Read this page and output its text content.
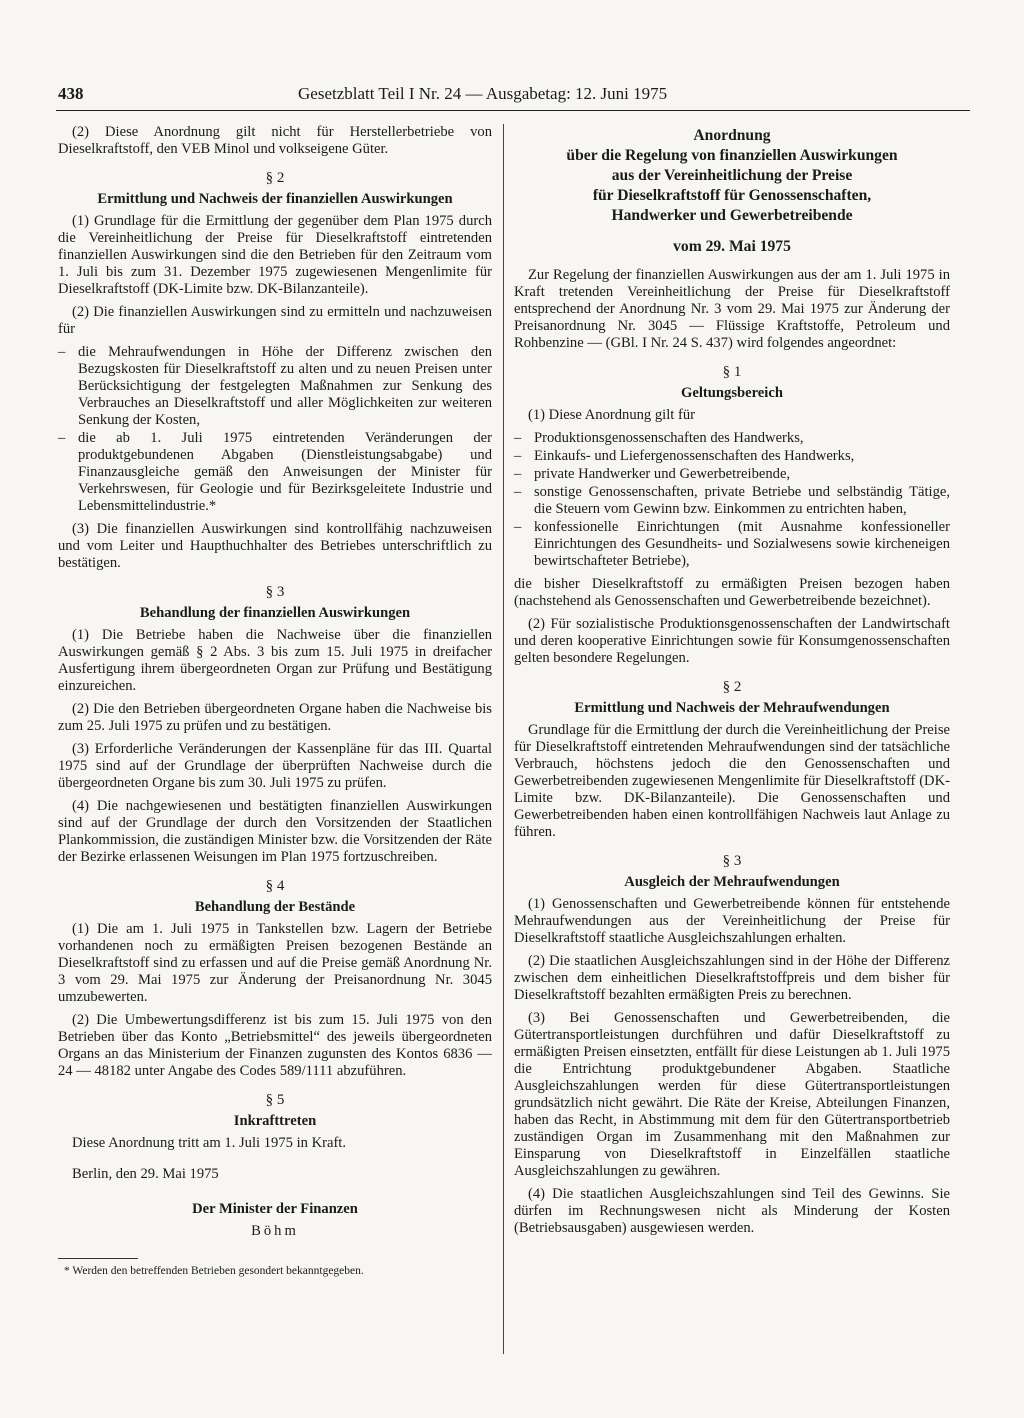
438	Gesetzblatt Teil I Nr. 24 — Ausgabetag: 12. Juni 1975

(2) Diese Anordnung gilt nicht für Herstellerbetriebe von Dieselkraftstoff, den VEB Minol und volkseigene Güter.

§ 2
Ermittlung und Nachweis der finanziellen Auswirkungen

(1) Grundlage für die Ermittlung der gegenüber dem Plan 1975 durch die Vereinheitlichung der Preise für Dieselkraftstoff eintretenden finanziellen Auswirkungen sind die den Betrieben für den Zeitraum vom 1. Juli bis zum 31. Dezember 1975 zugewiesenen Mengenlimite für Dieselkraftstoff (DK-Limite bzw. DK-Bilanzanteile).

(2) Die finanziellen Auswirkungen sind zu ermitteln und nachzuweisen für

– die Mehraufwendungen in Höhe der Differenz zwischen den Bezugskosten für Dieselkraftstoff zu alten und zu neuen Preisen unter Berücksichtigung der festgelegten Maßnahmen zur Senkung des Verbrauches an Dieselkraftstoff und aller Möglichkeiten zur weiteren Senkung der Kosten,
– die ab 1. Juli 1975 eintretenden Veränderungen der produktgebundenen Abgaben (Dienstleistungsabgabe) und Finanzausgleiche gemäß den Anweisungen der Minister für Verkehrswesen, für Geologie und für Bezirksgeleitete Industrie und Lebensmittelindustrie.*

(3) Die finanziellen Auswirkungen sind kontrollfähig nachzuweisen und vom Leiter und Haupthuchhalter des Betriebes unterschriftlich zu bestätigen.

§ 3
Behandlung der finanziellen Auswirkungen

(1) Die Betriebe haben die Nachweise über die finanziellen Auswirkungen gemäß § 2 Abs. 3 bis zum 15. Juli 1975 in dreifacher Ausfertigung ihrem übergeordneten Organ zur Prüfung und Bestätigung einzureichen.

(2) Die den Betrieben übergeordneten Organe haben die Nachweise bis zum 25. Juli 1975 zu prüfen und zu bestätigen.

(3) Erforderliche Veränderungen der Kassenpläne für das III. Quartal 1975 sind auf der Grundlage der überprüften Nachweise durch die übergeordneten Organe bis zum 30. Juli 1975 zu prüfen.

(4) Die nachgewiesenen und bestätigten finanziellen Auswirkungen sind auf der Grundlage der durch den Vorsitzenden der Staatlichen Plankommission, die zuständigen Minister bzw. die Vorsitzenden der Räte der Bezirke erlassenen Weisungen im Plan 1975 fortzuschreiben.

§ 4
Behandlung der Bestände

(1) Die am 1. Juli 1975 in Tankstellen bzw. Lagern der Betriebe vorhandenen noch zu ermäßigten Preisen bezogenen Bestände an Dieselkraftstoff sind zu erfassen und auf die Preise gemäß Anordnung Nr. 3 vom 29. Mai 1975 zur Änderung der Preisanordnung Nr. 3045 umzubewerten.

(2) Die Umbewertungsdifferenz ist bis zum 15. Juli 1975 von den Betrieben über das Konto „Betriebsmittel“ des jeweils übergeordneten Organs an das Ministerium der Finanzen zugunsten des Kontos 6836 — 24 — 48182 unter Angabe des Codes 589/1111 abzuführen.

§ 5
Inkrafttreten

Diese Anordnung tritt am 1. Juli 1975 in Kraft.

Berlin, den 29. Mai 1975

Der Minister der Finanzen
Böhm
* Werden den betreffenden Betrieben gesondert bekanntgegeben.
Anordnung
über die Regelung von finanziellen Auswirkungen
aus der Vereinheitlichung der Preise
für Dieselkraftstoff für Genossenschaften,
Handwerker und Gewerbetreibende
vom 29. Mai 1975

Zur Regelung der finanziellen Auswirkungen aus der am 1. Juli 1975 in Kraft tretenden Vereinheitlichung der Preise für Dieselkraftstoff entsprechend der Anordnung Nr. 3 vom 29. Mai 1975 zur Änderung der Preisanordnung Nr. 3045 — Flüssige Kraftstoffe, Petroleum und Rohbenzine — (GBl. I Nr. 24 S. 437) wird folgendes angeordnet:

§ 1
Geltungsbereich

(1) Diese Anordnung gilt für

– Produktionsgenossenschaften des Handwerks,
– Einkaufs- und Liefergenossenschaften des Handwerks,
– private Handwerker und Gewerbetreibende,
– sonstige Genossenschaften, private Betriebe und selbständig Tätige, die Steuern vom Gewinn bzw. Einkommen zu entrichten haben,
– konfessionelle Einrichtungen (mit Ausnahme konfessioneller Einrichtungen des Gesundheits- und Sozialwesens sowie kircheneigen bewirtschafteter Betriebe),

die bisher Dieselkraftstoff zu ermäßigten Preisen bezogen haben (nachstehend als Genossenschaften und Gewerbetreibende bezeichnet).

(2) Für sozialistische Produktionsgenossenschaften der Landwirtschaft und deren kooperative Einrichtungen sowie für Konsumgenossenschaften gelten besondere Regelungen.

§ 2
Ermittlung und Nachweis der Mehraufwendungen

Grundlage für die Ermittlung der durch die Vereinheitlichung der Preise für Dieselkraftstoff eintretenden Mehraufwendungen sind der tatsächliche Verbrauch, höchstens jedoch die den Genossenschaften und Gewerbetreibenden zugewiesenen Mengenlimite für Dieselkraftstoff (DK-Limite bzw. DK-Bilanzanteile). Die Genossenschaften und Gewerbetreibenden haben einen kontrollfähigen Nachweis laut Anlage zu führen.

§ 3
Ausgleich der Mehraufwendungen

(1) Genossenschaften und Gewerbetreibende können für entstehende Mehraufwendungen aus der Vereinheitlichung der Preise für Dieselkraftstoff staatliche Ausgleichszahlungen erhalten.

(2) Die staatlichen Ausgleichszahlungen sind in der Höhe der Differenz zwischen dem einheitlichen Dieselkraftstoffpreis und dem bisher für Dieselkraftstoff bezahlten ermäßigten Preis zu berechnen.

(3) Bei Genossenschaften und Gewerbetreibenden, die Gütertransportleistungen durchführen und dafür Dieselkraftstoff zu ermäßigten Preisen einsetzten, entfällt für diese Leistungen ab 1. Juli 1975 die Entrichtung produktgebundener Abgaben. Staatliche Ausgleichszahlungen werden für diese Gütertransportleistungen grundsätzlich nicht gewährt. Die Räte der Kreise, Abteilungen Finanzen, haben das Recht, in Abstimmung mit dem für den Gütertransportbetrieb zuständigen Organ im Zusammenhang mit den Maßnahmen zur Einsparung von Dieselkraftstoff in Einzelfällen staatliche Ausgleichszahlungen zu gewähren.

(4) Die staatlichen Ausgleichszahlungen sind Teil des Gewinns. Sie dürfen im Rechnungswesen nicht als Minderung der Kosten (Betriebsausgaben) ausgewiesen werden.
